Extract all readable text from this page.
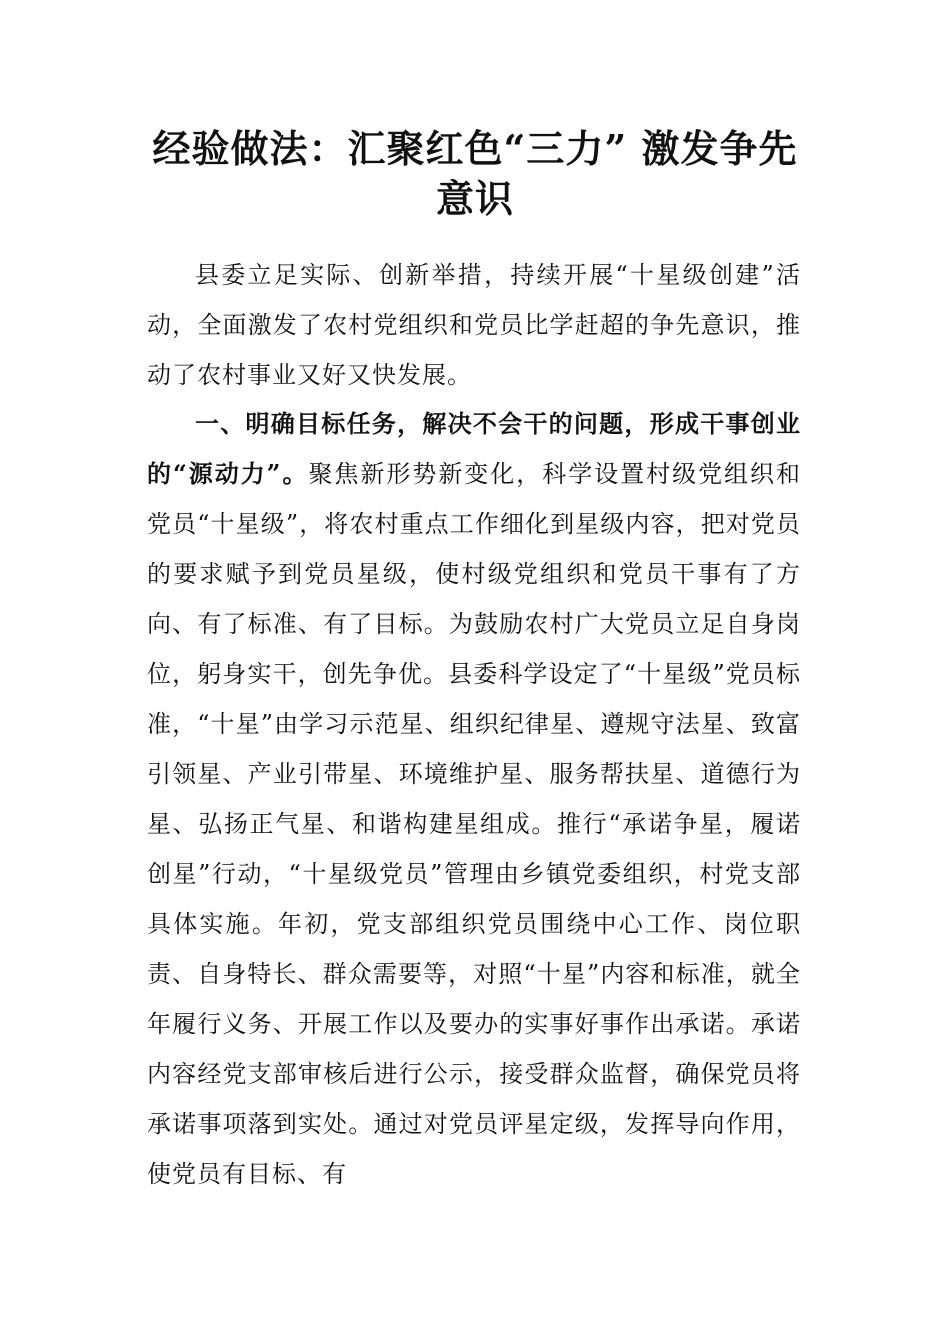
经验做法：汇聚红色“三力” 激发争先意识

县委立足实际、创新举措，持续开展“十星级创建”活动，全面激发了农村党组织和党员比学赶超的争先意识，推动了农村事业又好又快发展。

一、明确目标任务，解决不会干的问题，形成干事创业的“源动力”。聚焦新形势新变化，科学设置村级党组织和党员“十星级”，将农村重点工作细化到星级内容，把对党员的要求赋予到党员星级，使村级党组织和党员干事有了方向、有了标准、有了目标。为鼓励农村广大党员立足自身岗位，躬身实干，创先争优。县委科学设定了“十星级”党员标准，“十星”由学习示范星、组织纪律星、遵规守法星、致富引领星、产业引带星、环境维护星、服务帮扶星、道德行为星、弘扬正气星、和谐构建星组成。推行“承诺争星，履诺创星”行动，“十星级党员”管理由乡镇党委组织，村党支部具体实施。年初，党支部组织党员围绕中心工作、岗位职责、自身特长、群众需要等，对照“十星”内容和标准，就全年履行义务、开展工作以及要办的实事好事作出承诺。承诺内容经党支部审核后进行公示，接受群众监督，确保党员将承诺事项落到实处。通过对党员评星定级，发挥导向作用，使党员有目标、有
